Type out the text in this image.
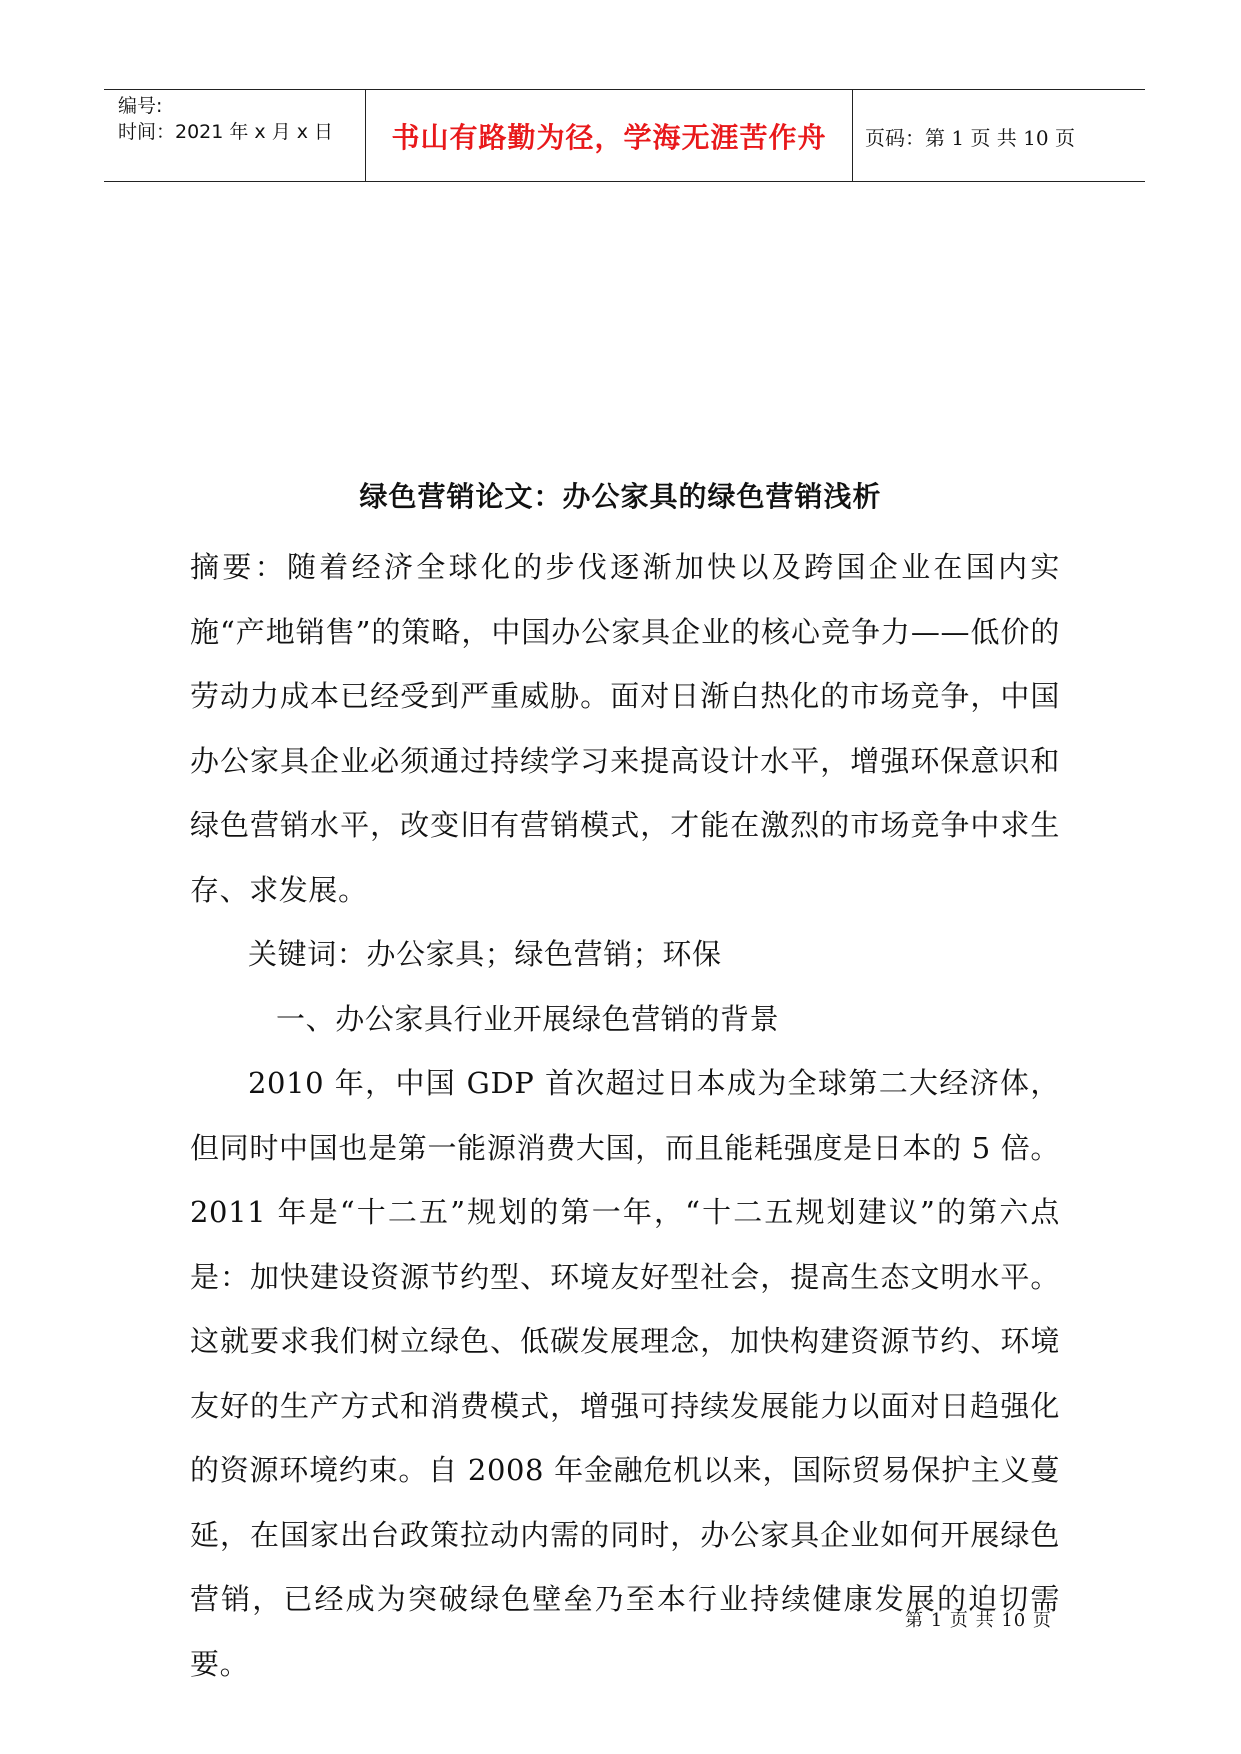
编号:
时间：2021 年 x 月 x 日	书山有路勤为径，学海无涯苦作舟	页码：第 1 页 共 10 页
绿色营销论文：办公家具的绿色营销浅析

摘要：随着经济全球化的步伐逐渐加快以及跨国企业在国内实施“产地销售”的策略，中国办公家具企业的核心竞争力——低价的劳动力成本已经受到严重威胁。面对日渐白热化的市场竞争，中国办公家具企业必须通过持续学习来提高设计水平，增强环保意识和绿色营销水平，改变旧有营销模式，才能在激烈的市场竞争中求生存、求发展。

关键词：办公家具；绿色营销；环保

一、办公家具行业开展绿色营销的背景

2010 年，中国 GDP 首次超过日本成为全球第二大经济体，但同时中国也是第一能源消费大国，而且能耗强度是日本的 5 倍。2011 年是“十二五”规划的第一年，“十二五规划建议”的第六点是：加快建设资源节约型、环境友好型社会，提高生态文明水平。这就要求我们树立绿色、低碳发展理念，加快构建资源节约、环境友好的生产方式和消费模式，增强可持续发展能力以面对日趋强化的资源环境约束。自 2008 年金融危机以来，国际贸易保护主义蔓延，在国家出台政策拉动内需的同时，办公家具企业如何开展绿色营销，已经成为突破绿色壁垒乃至本行业持续健康发展的迫切需要。

第 1 页 共 10 页
